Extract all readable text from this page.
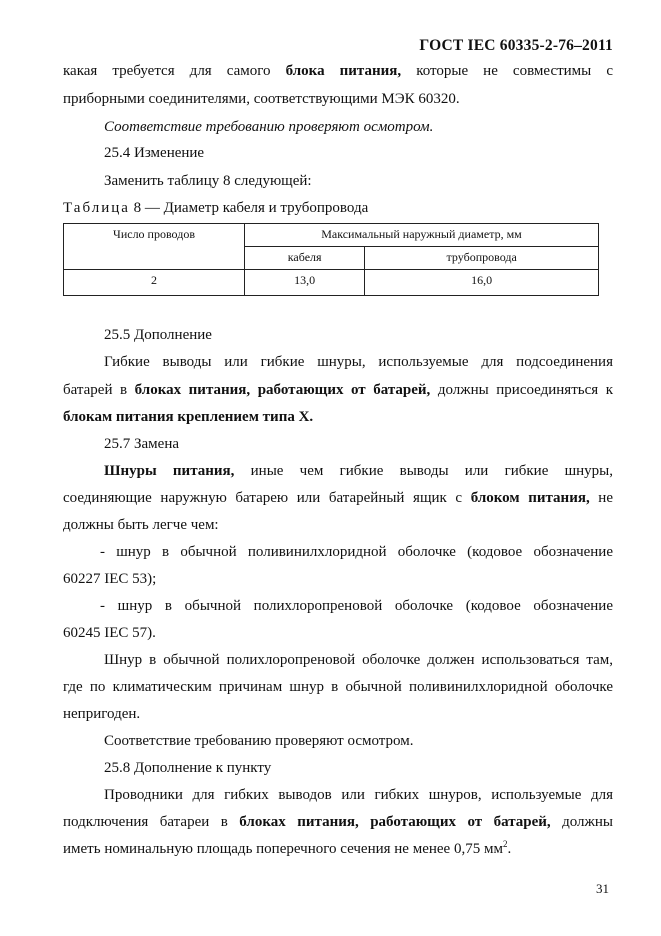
ГОСТ IEC 60335-2-76–2011

какая требуется для самого блока питания, которые не совместимы с

приборными соединителями, соответствующими МЭК 60320.

Соответствие требованию проверяют осмотром.

25.4 Изменение

Заменить таблицу 8 следующей:

Таблица 8 — Диаметр кабеля и трубопровода

Число проводов	Максимальный наружный диаметр, мм	
	кабеля	трубопровода
2	13,0	16,0

25.5 Дополнение

Гибкие выводы или гибкие шнуры, используемые для подсоединения

батарей в блоках питания, работающих от батарей, должны присоединяться к

блокам питания креплением типа X.

25.7 Замена

Шнуры питания, иные чем гибкие выводы или гибкие шнуры,

соединяющие наружную батарею или батарейный ящик с блоком питания, не

должны быть легче чем:

- шнур в обычной поливинилхлоридной оболочке (кодовое обозначение

60227 IEC 53);

- шнур в обычной полихлоропреновой оболочке (кодовое обозначение

60245 IEC 57).

Шнур в обычной полихлоропреновой оболочке должен использоваться там,

где по климатическим причинам шнур в обычной поливинилхлоридной оболочке

непригоден.

Соответствие требованию проверяют осмотром.

25.8 Дополнение к пункту

Проводники для гибких выводов или гибких шнуров, используемые для

подключения батареи в блоках питания, работающих от батарей, должны

иметь номинальную площадь поперечного сечения не менее 0,75 $мм^2$.

31
